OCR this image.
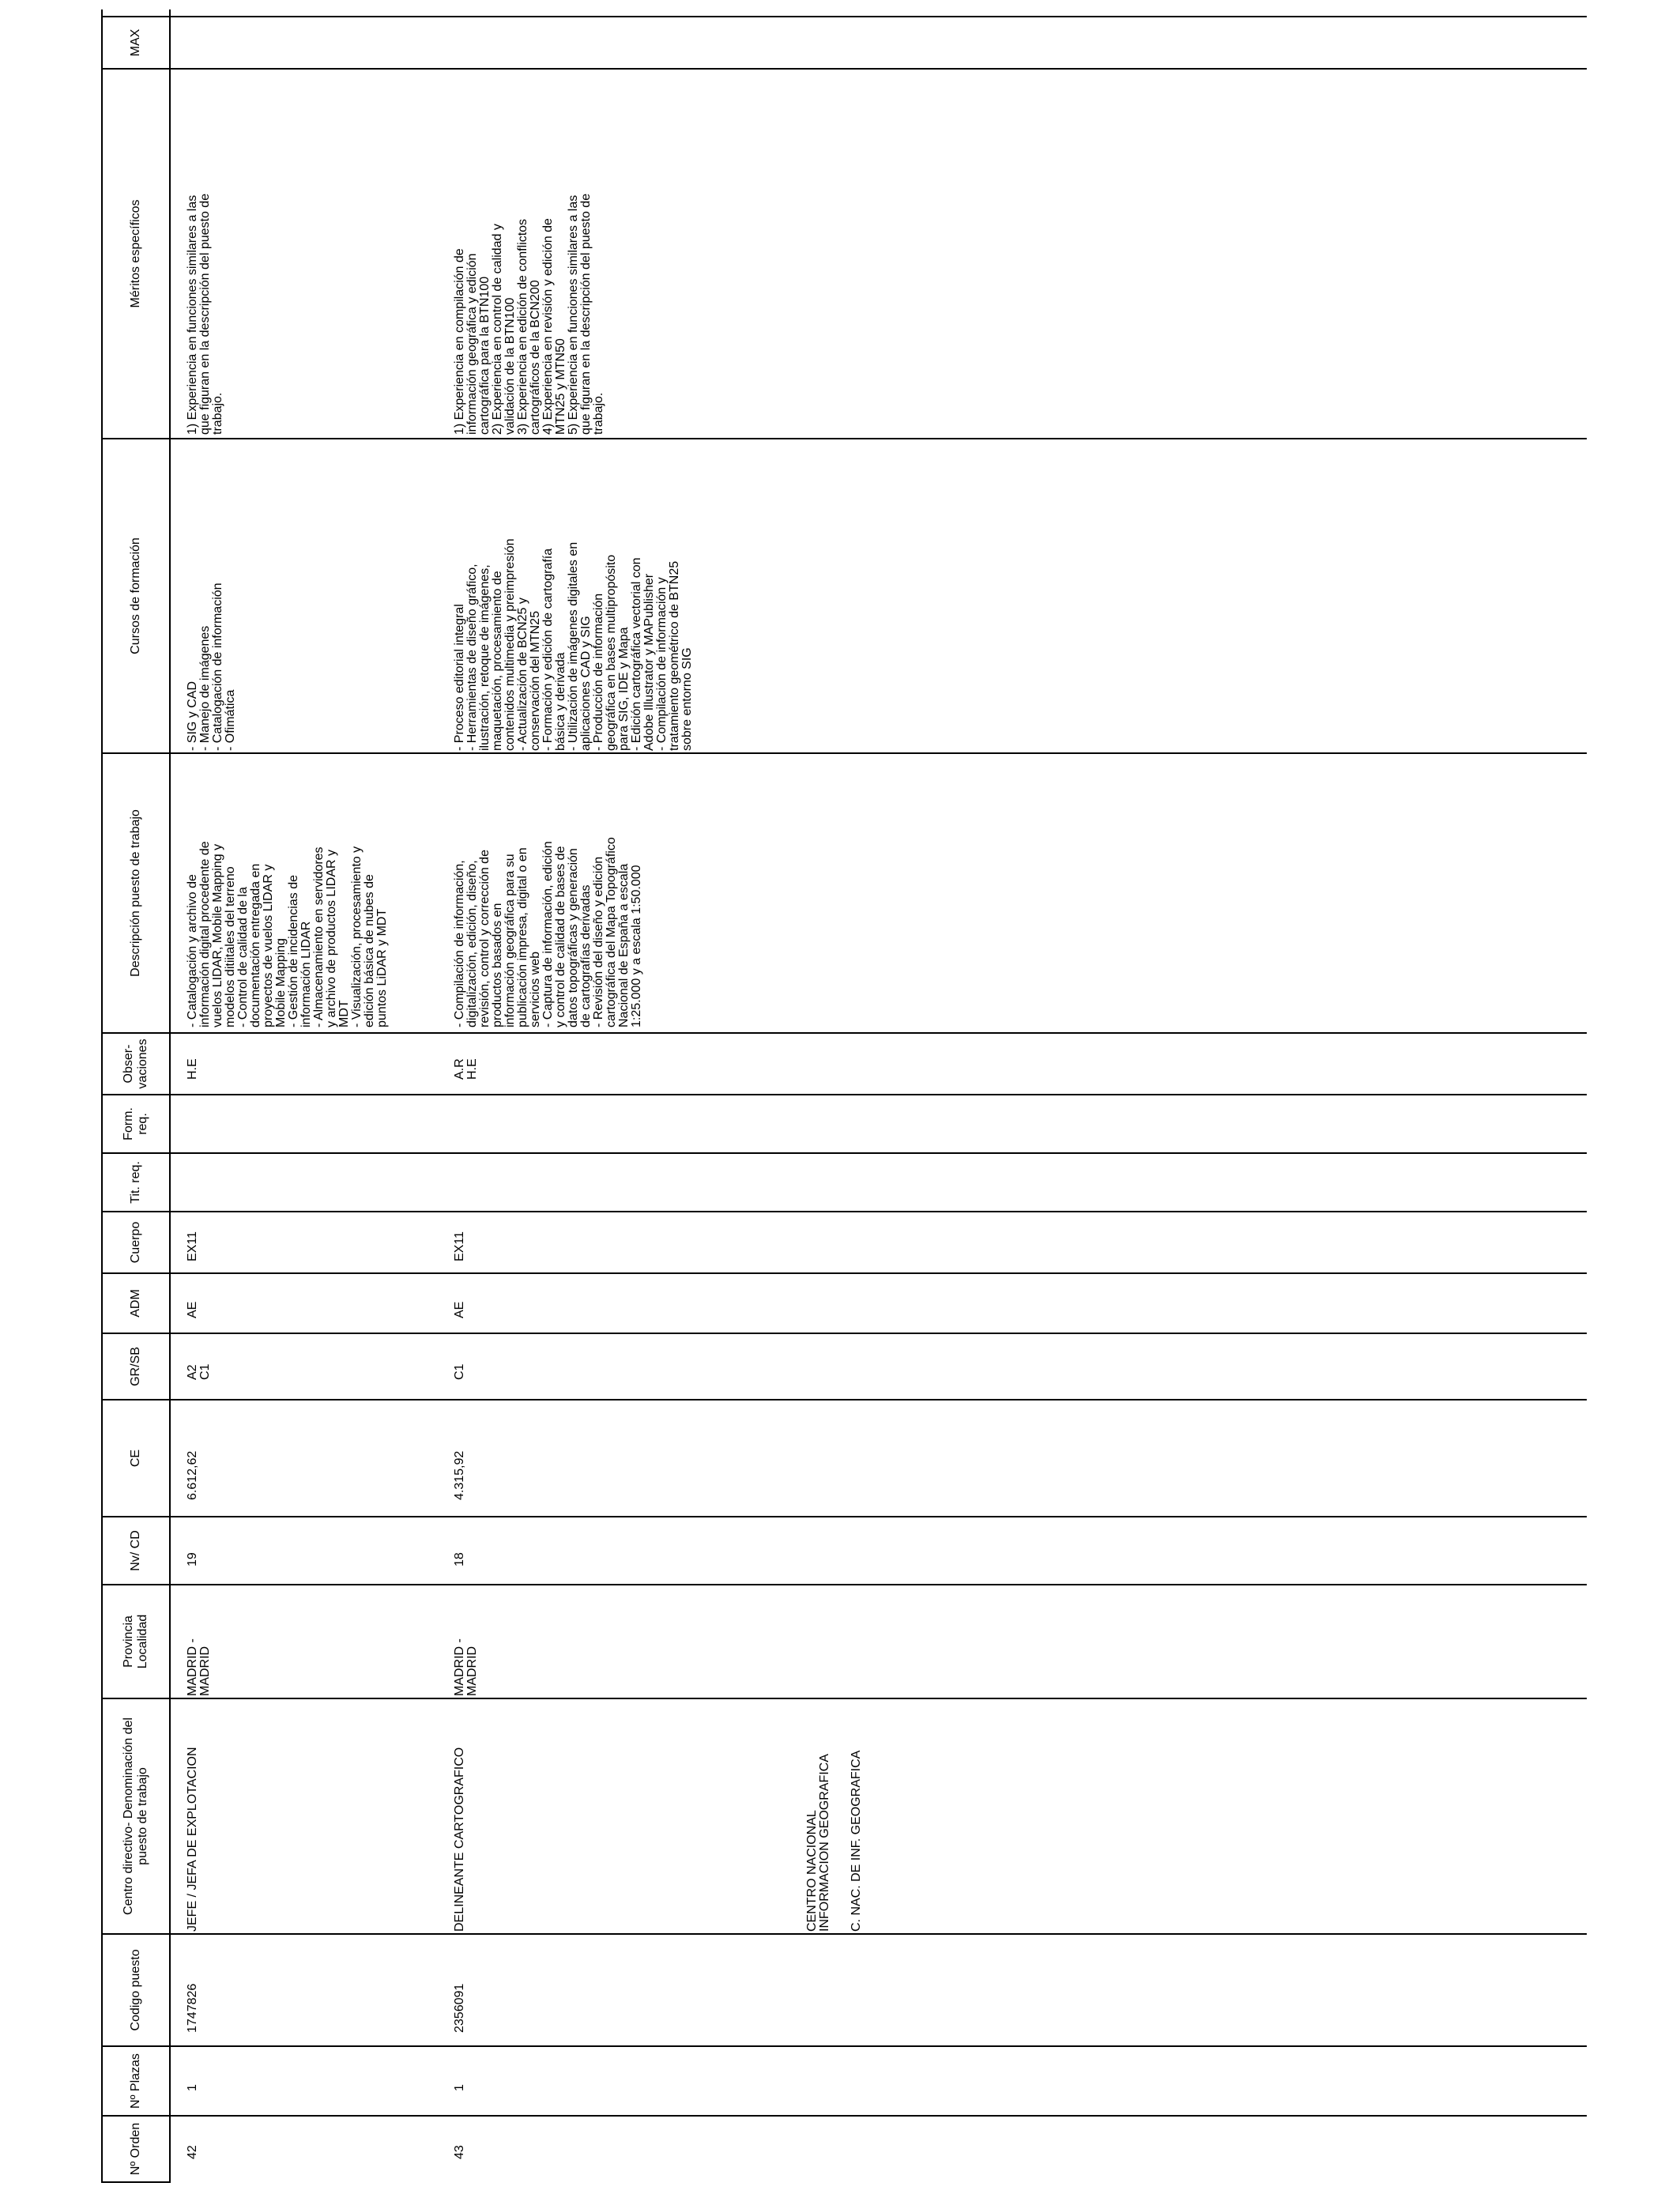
Nº Orden
Nº Plazas
Codigo puesto
Centro directivo- Denominación del puesto de trabajo
Provincia Localidad
Nv/ CD
CE
GR/SB
ADM
Cuerpo
Tit. req.
Form. req.
Obser- vaciones
Descripción puesto de trabajo
Cursos de formación
Méritos específicos
MAX
42
1
1747826
JEFE / JEFA DE EXPLOTACION
MADRID -
MADRID
19
6.612,62
A2
C1
AE
EX11
H.E
- Catalogación y archivo de
información digital procedente de
vuelos LIDAR, Mobile Mapping y
modelos ditiitales del terreno
- Control de calidad de la
documentación entregada en
proyectos de vuelos LIDAR y
Mobile Mapping
- Gestión de incidencias de
información LIDAR
- Almacenamiento en servidores
y archivo de productos LIDAR y
MDT
- Visualización, procesamiento y
edición básica de nubes de
puntos LiDAR y MDT
- SIG y CAD
- Manejo de imágenes
- Catalogación de información
- Ofimática
1) Experiencia en funciones similares a las
que figuran en la descripción del puesto de
trabajo.
43
1
2356091
DELINEANTE CARTOGRAFICO
MADRID -
MADRID
18
4.315,92
C1
AE
EX11
A.R
H.E
- Compilación de información,
digitalización, edición, diseño,
revisión, control y corrección de
productos basados en
información geográfica para su
publicación impresa, digital o en
servicios web
- Captura de información, edición
y control de calidad de bases de
datos topográficas y generación
de cartografías derivadas
- Revisión del diseño y edición
cartográfica del Mapa Topográfico
Nacional de España a escala
1:25.000 y a escala 1:50.000
- Proceso editorial integral
- Herramientas de diseño gráfico,
ilustración, retoque de imágenes,
maquetación, procesamiento de
contenidos multimedia y preimpresión
- Actualización de BCN25 y
conservación del MTN25
- Formación y edición de cartografía
básica y derivada
- Utilización de imágenes digitales en
aplicaciones CAD y SIG
- Producción de información
geográfica en bases multipropósito
para SIG, IDE y Mapa
- Edición cartográfica vectorial con
Adobe Illustrator y MAPublisher
- Compilación de información y
tratamiento geométrico de BTN25
sobre entorno SIG
1) Experiencia en compilación de
información geográfica y edición
cartográfica para la BTN100
2) Experiencia en control de calidad y
validación de la BTN100
3) Experiencia en edición de conflictos
cartográficos de la BCN200
4) Experiencia en revisión y edición de
MTN25 y MTN50
5) Experiencia en funciones similares a las
que figuran en la descripción del puesto de
trabajo.
CENTRO NACIONAL
INFORMACION GEOGRAFICA C. NAC. DE INF. GEOGRAFICA
